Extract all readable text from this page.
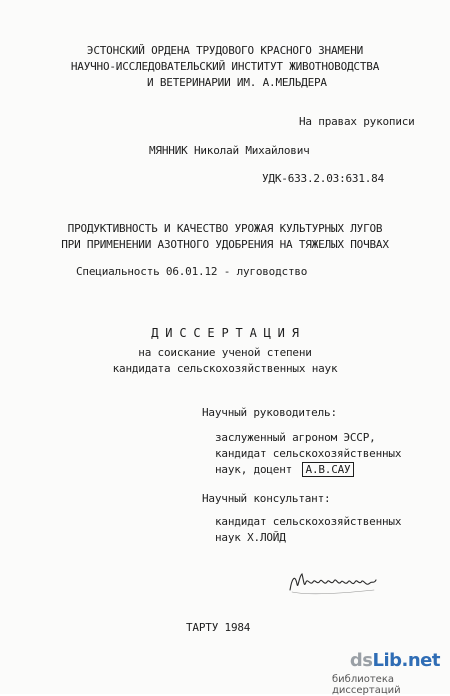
ЭСТОНСКИЙ ОРДЕНА ТРУДОВОГО КРАСНОГО ЗНАМЕНИ
НАУЧНО-ИССЛЕДОВАТЕЛЬСКИЙ ИНСТИТУТ ЖИВОТНОВОДСТВА
И ВЕТЕРИНАРИИ ИМ. А.МЕЛЬДЕРА
На правах рукописи
МЯННИК Николай Михайлович
УДК-633.2.03:631.84
ПРОДУКТИВНОСТЬ И КАЧЕСТВО УРОЖАЯ КУЛЬТУРНЫХ ЛУГОВ
ПРИ ПРИМЕНЕНИИ АЗОТНОГО УДОБРЕНИЯ НА ТЯЖЕЛЫХ ПОЧВАХ
Специальность 06.01.12 - луговодство
Д И С С Е Р Т А Ц И Я
на соискание ученой степени
кандидата сельскохозяйственных наук
Научный руководитель:
заслуженный агроном ЭССР,
кандидат сельскохозяйственных
наук, доцент А.В.САУ
Научный консультант:
кандидат сельскохозяйственных
наук Х.ЛОЙД
ТАРТУ 1984
dsLib.net
библиотека диссертаций
